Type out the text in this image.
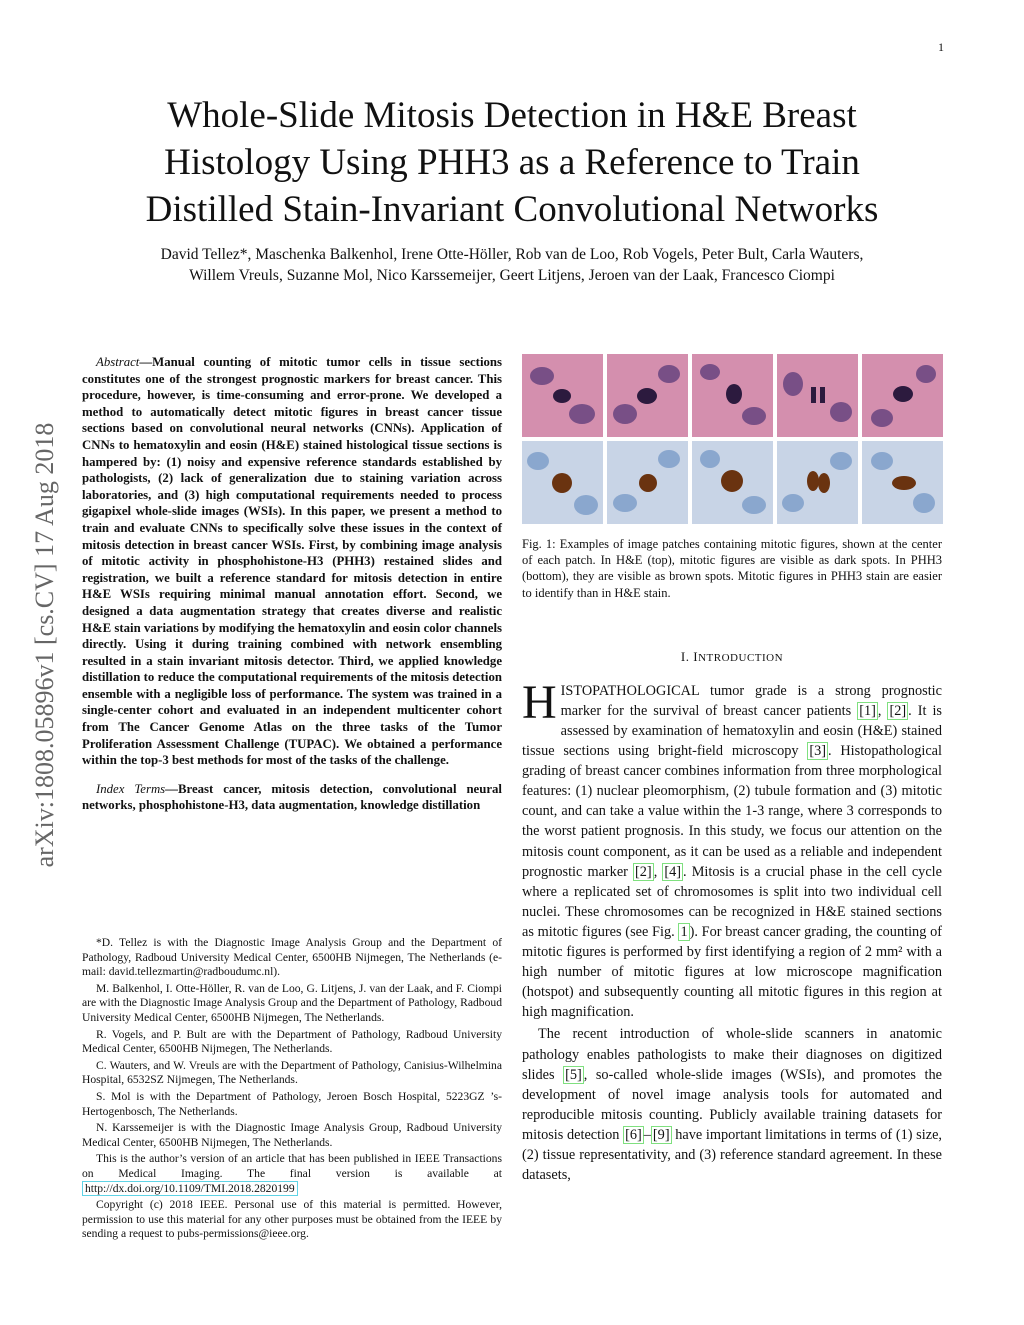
1
Whole-Slide Mitosis Detection in H&E Breast
Histology Using PHH3 as a Reference to Train
Distilled Stain-Invariant Convolutional Networks
David Tellez*, Maschenka Balkenhol, Irene Otte-Höller, Rob van de Loo, Rob Vogels, Peter Bult, Carla Wauters,
Willem Vreuls, Suzanne Mol, Nico Karssemeijer, Geert Litjens, Jeroen van der Laak, Francesco Ciompi
arXiv:1808.05896v1 [cs.CV] 17 Aug 2018

Abstract—Manual counting of mitotic tumor cells in tissue sections constitutes one of the strongest prognostic markers for breast cancer. This procedure, however, is time-consuming and error-prone. We developed a method to automatically detect mitotic figures in breast cancer tissue sections based on convolutional neural networks (CNNs). Application of CNNs to hematoxylin and eosin (H&E) stained histological tissue sections is hampered by: (1) noisy and expensive reference standards established by pathologists, (2) lack of generalization due to staining variation across laboratories, and (3) high computational requirements needed to process gigapixel whole-slide images (WSIs). In this paper, we present a method to train and evaluate CNNs to specifically solve these issues in the context of mitosis detection in breast cancer WSIs. First, by combining image analysis of mitotic activity in phosphohistone-H3 (PHH3) restained slides and registration, we built a reference standard for mitosis detection in entire H&E WSIs requiring minimal manual annotation effort. Second, we designed a data augmentation strategy that creates diverse and realistic H&E stain variations by modifying the hematoxylin and eosin color channels directly. Using it during training combined with network ensembling resulted in a stain invariant mitosis detector. Third, we applied knowledge distillation to reduce the computational requirements of the mitosis detection ensemble with a negligible loss of performance. The system was trained in a single-center cohort and evaluated in an independent multicenter cohort from The Cancer Genome Atlas on the three tasks of the Tumor Proliferation Assessment Challenge (TUPAC). We obtained a performance within the top-3 best methods for most of the tasks of the challenge.

Index Terms—Breast cancer, mitosis detection, convolutional neural networks, phosphohistone-H3, data augmentation, knowledge distillation

*D. Tellez is with the Diagnostic Image Analysis Group and the Department of Pathology, Radboud University Medical Center, 6500HB Nijmegen, The Netherlands (e-mail: david.tellezmartin@radboudumc.nl).

M. Balkenhol, I. Otte-Höller, R. van de Loo, G. Litjens, J. van der Laak, and F. Ciompi are with the Diagnostic Image Analysis Group and the Department of Pathology, Radboud University Medical Center, 6500HB Nijmegen, The Netherlands.

R. Vogels, and P. Bult are with the Department of Pathology, Radboud University Medical Center, 6500HB Nijmegen, The Netherlands.

C. Wauters, and W. Vreuls are with the Department of Pathology, Canisius-Wilhelmina Hospital, 6532SZ Nijmegen, The Netherlands.

S. Mol is with the Department of Pathology, Jeroen Bosch Hospital, 5223GZ ’s-Hertogenbosch, The Netherlands.

N. Karssemeijer is with the Diagnostic Image Analysis Group, Radboud University Medical Center, 6500HB Nijmegen, The Netherlands.

This is the author’s version of an article that has been published in IEEE Transactions on Medical Imaging. The final version is available at http://dx.doi.org/10.1109/TMI.2018.2820199

Copyright (c) 2018 IEEE. Personal use of this material is permitted. However, permission to use this material for any other purposes must be obtained from the IEEE by sending a request to pubs-permissions@ieee.org.

Fig. 1: Examples of image patches containing mitotic figures, shown at the center of each patch. In H&E (top), mitotic figures are visible as dark spots. In PHH3 (bottom), they are visible as brown spots. Mitotic figures in PHH3 stain are easier to identify than in H&E stain.
I. INTRODUCTION

HISTOPATHOLOGICAL tumor grade is a strong prognostic marker for the survival of breast cancer patients [1] , [2] . It is assessed by examination of hematoxylin and eosin (H&E) stained tissue sections using bright-field microscopy [3] . Histopathological grading of breast cancer combines information from three morphological features: (1) nuclear pleomorphism, (2) tubule formation and (3) mitotic count, and can take a value within the 1-3 range, where 3 corresponds to the worst patient prognosis. In this study, we focus our attention on the mitosis count component, as it can be used as a reliable and independent prognostic marker [2] , [4] . Mitosis is a crucial phase in the cell cycle where a replicated set of chromosomes is split into two individual cell nuclei. These chromosomes can be recognized in H&E stained sections as mitotic figures (see Fig. 1 ). For breast cancer grading, the counting of mitotic figures is performed by first identifying a region of 2 mm² with a high number of mitotic figures at low microscope magnification (hotspot) and subsequently counting all mitotic figures in this region at high magnification.

The recent introduction of whole-slide scanners in anatomic pathology enables pathologists to make their diagnoses on digitized slides [5] , so-called whole-slide images (WSIs), and promotes the development of novel image analysis tools for automated and reproducible mitosis counting. Publicly available training datasets for mitosis detection [6] – [9] have important limitations in terms of (1) size, (2) tissue representativity, and (3) reference standard agreement. In these datasets,
